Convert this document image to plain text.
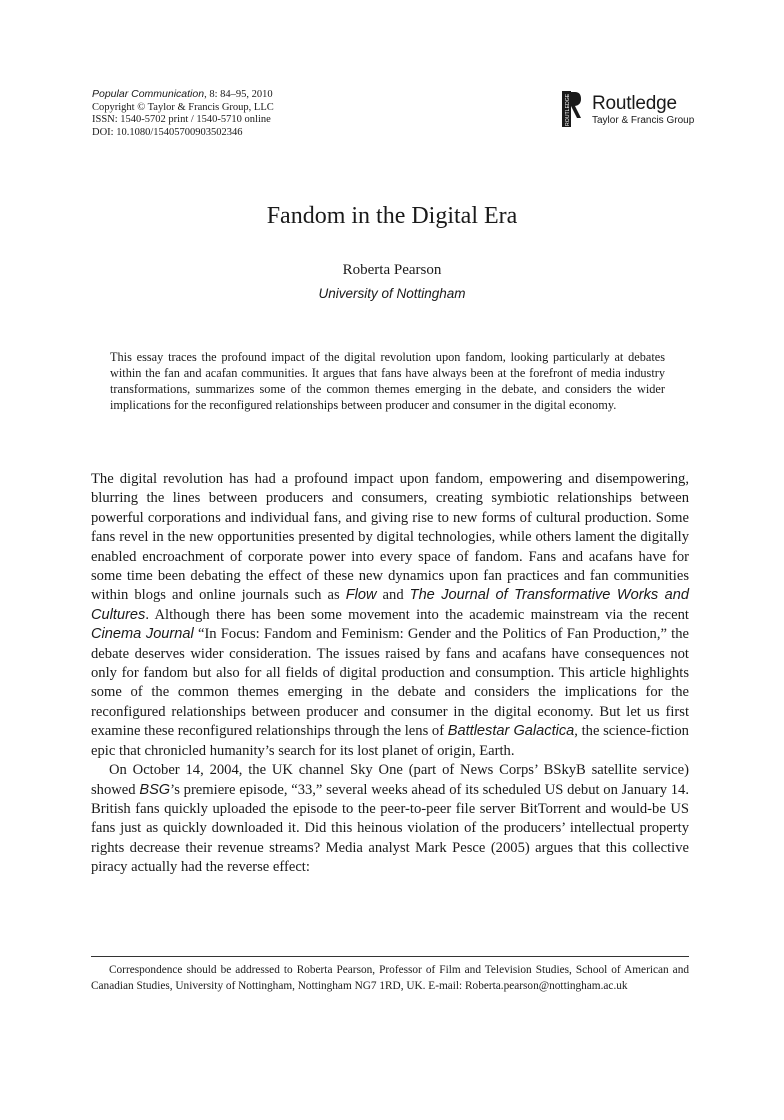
Popular Communication, 8: 84–95, 2010
Copyright © Taylor & Francis Group, LLC
ISSN: 1540-5702 print / 1540-5710 online
DOI: 10.1080/15405700903502346
ROUTLEDGE Routledge
Taylor & Francis Group
Fandom in the Digital Era
Roberta Pearson
University of Nottingham
This essay traces the profound impact of the digital revolution upon fandom, looking particularly at debates within the fan and acafan communities. It argues that fans have always been at the forefront of media industry transformations, summarizes some of the common themes emerging in the debate, and considers the wider implications for the reconfigured relationships between producer and consumer in the digital economy.

The digital revolution has had a profound impact upon fandom, empowering and disempowering, blurring the lines between producers and consumers, creating symbiotic relationships between powerful corporations and individual fans, and giving rise to new forms of cultural production. Some fans revel in the new opportunities presented by digital technologies, while others lament the digitally enabled encroachment of corporate power into every space of fandom. Fans and acafans have for some time been debating the effect of these new dynamics upon fan practices and fan communities within blogs and online journals such as Flow and The Journal of Transformative Works and Cultures. Although there has been some movement into the academic mainstream via the recent Cinema Journal “In Focus: Fandom and Feminism: Gender and the Politics of Fan Production,” the debate deserves wider consideration. The issues raised by fans and acafans have consequences not only for fandom but also for all fields of digital production and consumption. This article highlights some of the common themes emerging in the debate and considers the implications for the reconfigured relationships between producer and consumer in the digital economy. But let us first examine these reconfigured relationships through the lens of Battlestar Galactica, the science-fiction epic that chronicled humanity’s search for its lost planet of origin, Earth.

On October 14, 2004, the UK channel Sky One (part of News Corps’ BSkyB satellite service) showed BSG’s premiere episode, “33,” several weeks ahead of its scheduled US debut on January 14. British fans quickly uploaded the episode to the peer-to-peer file server BitTorrent and would-be US fans just as quickly downloaded it. Did this heinous violation of the producers’ intellectual property rights decrease their revenue streams? Media analyst Mark Pesce (2005) argues that this collective piracy actually had the reverse effect:

Correspondence should be addressed to Roberta Pearson, Professor of Film and Television Studies, School of American and Canadian Studies, University of Nottingham, Nottingham NG7 1RD, UK. E-mail: Roberta.pearson@nottingham.ac.uk
